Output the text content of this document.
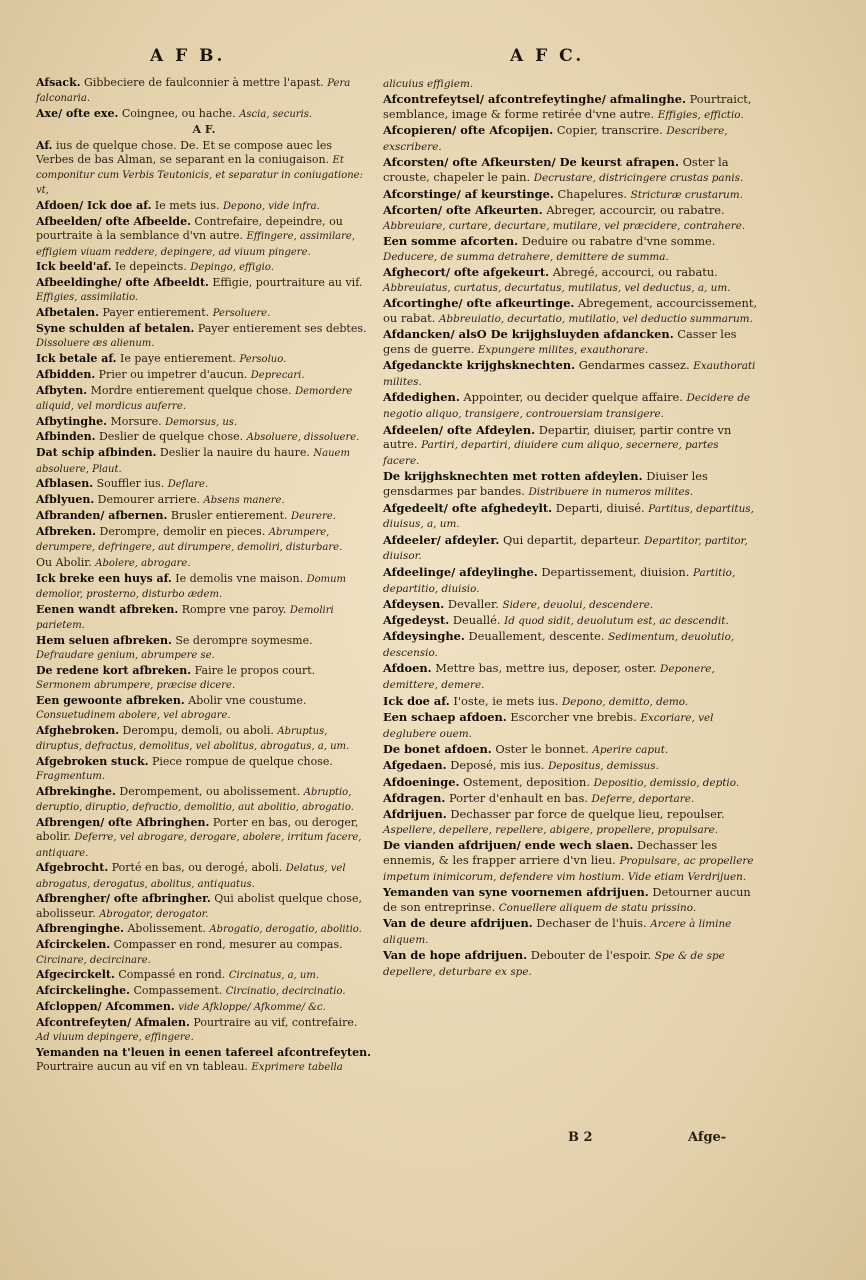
A F B.	A F C.
Afsack. Gibbeciere de faulconnier à mettre l'apast. Pera falconaria.
Axe/ ofte exe. Coingnee, ou hache. Ascia, securis.
A F.
Af. ius de quelque chose. De. Et se compose auec les Verbes de bas Alman, se separant en la coniugaison. Et componitur cum Verbis Teutonicis, et separatur in coniugatione: vt,
Afdoen/ Ick doe af. Ie mets ius. Depono, vide infra.
Afbeelden/ ofte Afbeelde. Contrefaire, depeindre, ou pourtraite à la semblance d'vn autre. Effingere, assimilare, effigiem viuam reddere, depingere, ad viuum pingere.
Ick beeld'af. Ie depeincts. Depingo, effigio.
Afbeeldinghe/ ofte Afbeeldt. Effigie, pourtraiture au vif. Effigies, assimilatio.
Afbetalen. Payer entierement. Persoluere.
Syne schulden af betalen. Payer entierement ses debtes. Dissoluere æs alienum.
Ick betale af. Ie paye entierement. Persoluo.
Afbidden. Prier ou impetrer d'aucun. Deprecari.
Afbyten. Mordre entierement quelque chose. Demordere aliquid, vel mordicus auferre.
Afbytinghe. Morsure. Demorsus, us.
Afbinden. Deslier de quelque chose. Absoluere, dissoluere.
Dat schip afbinden. Deslier la nauire du haure. Nauem absoluere, Plaut.
Afblasen. Souffler ius. Deflare.
Afblyuen. Demourer arriere. Absens manere.
Afbranden/ afbernen. Brusler entierement. Deurere.
Afbreken. Derompre, demolir en pieces. Abrumpere, derumpere, defringere, aut dirumpere, demoliri, disturbare.
Ou Abolir. Abolere, abrogare.
Ick breke een huys af. Ie demolis vne maison. Domum demolior, prosterno, disturbo ædem.
Eenen wandt afbreken. Rompre vne paroy. Demoliri parietem.
Hem seluen afbreken. Se derompre soymesme. Defraudare genium, abrumpere se.
De redene kort afbreken. Faire le propos court. Sermonem abrumpere, præcise dicere.
Een gewoonte afbreken. Abolir vne coustume. Consuetudinem abolere, vel abrogare.
Afghebroken. Derompu, demoli, ou aboli. Abruptus, diruptus, defractus, demolitus, vel abolitus, abrogatus, a, um.
Afgebroken stuck. Piece rompue de quelque chose. Fragmentum.
Afbrekinghe. Derompement, ou abolissement. Abruptio, deruptio, diruptio, defractio, demolitio, aut abolitio, abrogatio.
Afbrengen/ ofte Afbringhen. Porter en bas, ou deroger, abolir. Deferre, vel abrogare, derogare, abolere, irritum facere, antiquare.
Afgebrocht. Porté en bas, ou derogé, aboli. Delatus, vel abrogatus, derogatus, abolitus, antiquatus.
Afbrengher/ ofte afbringher. Qui abolist quelque chose, abolisseur. Abrogator, derogator.
Afbrenginghe. Abolissement. Abrogatio, derogatio, abolitio.
Afcirckelen. Compasser en rond, mesurer au compas. Circinare, decircinare.
Afgecirckelt. Compassé en rond. Circinatus, a, um.
Afcirckelinghe. Compassement. Circinatio, decircinatio.
Afcloppen/ Afcommen. vide Afkloppe/ Afkomme/ &c.
Afcontrefeyten/ Afmalen. Pourtraire au vif, contrefaire. Ad viuum depingere, effingere.
Yemanden na t'leuen in eenen tafereel afcontrefeyten. Pourtraire aucun au vif en vn tableau. Exprimere tabella
alicuius effigiem.
Afcontrefeytsel/ afcontrefeytinghe/ afmalinghe. Pourtraict, semblance, image & forme retirée d'vne autre. Effigies, effictio.
Afcopieren/ ofte Afcopijen. Copier, transcrire. Describere, exscribere.
Afcorsten/ ofte Afkeursten/ De keurst afrapen. Oster la crouste, chapeler le pain. Decrustare, districingere crustas panis.
Afcorstinge/ af keurstinge. Chapelures. Stricturæ crustarum.
Afcorten/ ofte Afkeurten. Abreger, accourcir, ou rabatre. Abbreuiare, curtare, decurtare, mutilare, vel præcidere, contrahere.
Een somme afcorten. Deduire ou rabatre d'vne somme. Deducere, de summa detrahere, demittere de summa.
Afghecort/ ofte afgekeurt. Abregé, accourci, ou rabatu. Abbreuiatus, curtatus, decurtatus, mutilatus, vel deductus, a, um.
Afcortinghe/ ofte afkeurtinge. Abregement, accourcissement, ou rabat. Abbreuiatio, decurtatio, mutilatio, vel deductio summarum.
Afdancken/ alsO De krijghsluyden afdancken. Casser les gens de guerre. Expungere milites, exauthorare.
Afgedanckte krijghsknechten. Gendarmes cassez. Exauthorati milites.
Afdedighen. Appointer, ou decider quelque affaire. Decidere de negotio aliquo, transigere, controuersiam transigere.
Afdeelen/ ofte Afdeylen. Departir, diuiser, partir contre vn autre. Partiri, departiri, diuidere cum aliquo, secernere, partes facere.
De krijghsknechten met rotten afdeylen. Diuiser les gensdarmes par bandes. Distribuere in numeros milites.
Afgedeelt/ ofte afghedeylt. Departi, diuisé. Partitus, departitus, diuisus, a, um.
Afdeeler/ afdeyler. Qui departit, departeur. Departitor, partitor, diuisor.
Afdeelinge/ afdeylinghe. Departissement, diuision. Partitio, departitio, diuisio.
Afdeysen. Devaller. Sidere, deuolui, descendere.
Afgedeyst. Deuallé. Id quod sidit, deuolutum est, ac descendit.
Afdeysinghe. Deuallement, descente. Sedimentum, deuolutio, descensio.
Afdoen. Mettre bas, mettre ius, deposer, oster. Deponere, demittere, demere.
Ick doe af. I'oste, ie mets ius. Depono, demitto, demo.
Een schaep afdoen. Escorcher vne brebis. Excoriare, vel deglubere ouem.
De bonet afdoen. Oster le bonnet. Aperire caput.
Afgedaen. Deposé, mis ius. Depositus, demissus.
Afdoeninge. Ostement, deposition. Depositio, demissio, deptio.
Afdragen. Porter d'enhault en bas. Deferre, deportare.
Afdrijuen. Dechasser par force de quelque lieu, repoulser. Aspellere, depellere, repellere, abigere, propellere, propulsare.
De vianden afdrijuen/ ende wech slaen. Dechasser les ennemis, & les frapper arriere d'vn lieu. Propulsare, ac propellere impetum inimicorum, defendere vim hostium. Vide etiam Verdrijuen.
Yemanden van syne voornemen afdrijuen. Detourner aucun de son entreprinse. Conuellere aliquem de statu prissino.
Van de deure afdrijuen. Dechaser de l'huis. Arcere à limine aliquem.
Van de hope afdrijuen. Debouter de l'espoir. Spe & de spe depellere, deturbare ex spe.
B 2	Afge-
